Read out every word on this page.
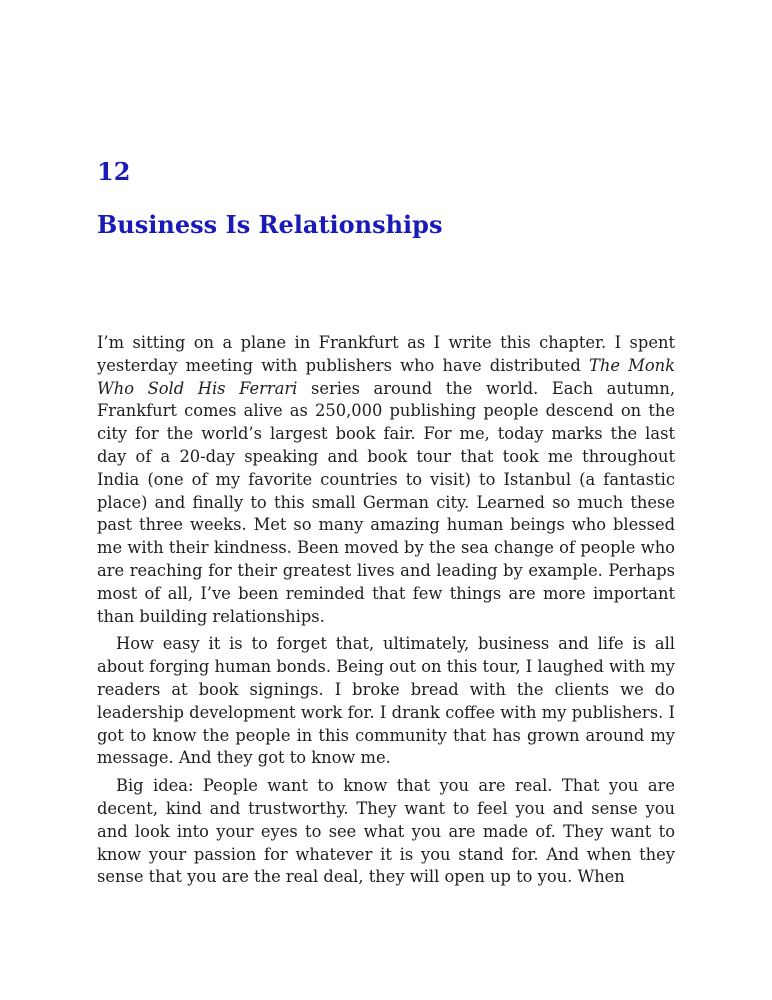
12
Business Is Relationships

I’m sitting on a plane in Frankfurt as I write this chapter. I spent yesterday meeting with publishers who have distributed The Monk Who Sold His Ferrari series around the world. Each autumn, Frankfurt comes alive as 250,000 publishing people descend on the city for the world’s largest book fair. For me, today marks the last day of a 20-day speaking and book tour that took me throughout India (one of my favorite countries to visit) to Istanbul (a fantastic place) and finally to this small German city. Learned so much these past three weeks. Met so many amazing human beings who blessed me with their kindness. Been moved by the sea change of people who are reaching for their greatest lives and leading by example. Perhaps most of all, I’ve been reminded that few things are more important than building relationships.

How easy it is to forget that, ultimately, business and life is all about forging human bonds. Being out on this tour, I laughed with my readers at book signings. I broke bread with the clients we do leadership development work for. I drank coffee with my publishers. I got to know the people in this community that has grown around my message. And they got to know me.

Big idea: People want to know that you are real. That you are decent, kind and trustworthy. They want to feel you and sense you and look into your eyes to see what you are made of. They want to know your passion for whatever it is you stand for. And when they sense that you are the real deal, they will open up to you. When
